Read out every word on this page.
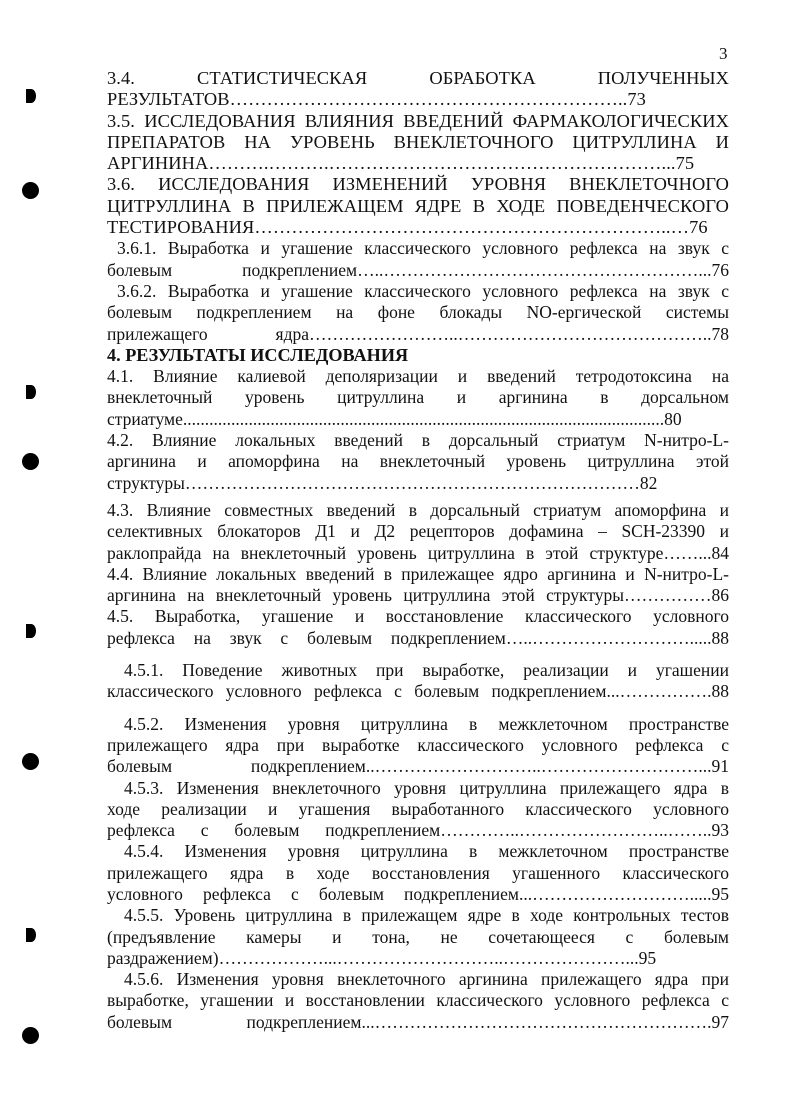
3

3.4. СТАТИСТИЧЕСКАЯ ОБРАБОТКА ПОЛУЧЕННЫХ

РЕЗУЛЬТАТОВ………………………………………………………..73

3.5. ИССЛЕДОВАНИЯ ВЛИЯНИЯ ВВЕДЕНИЙ ФАРМАКОЛОГИЧЕСКИХ

ПРЕПАРАТОВ НА УРОВЕНЬ ВНЕКЛЕТОЧНОГО ЦИТРУЛЛИНА И

АРГИНИНА……….……….………………………………………………...75

3.6. ИССЛЕДОВАНИЯ ИЗМЕНЕНИЙ УРОВНЯ ВНЕКЛЕТОЧНОГО

ЦИТРУЛЛИНА В ПРИЛЕЖАЩЕМ ЯДРЕ В ХОДЕ ПОВЕДЕНЧЕСКОГО

ТЕСТИРОВАНИЯ…………………………………………………………..…76

3.6.1. Выработка и угашение классического условного рефлекса на звук с

болевым подкреплением…..………………………………………………...76

3.6.2. Выработка и угашение классического условного рефлекса на звук с

болевым подкреплением на фоне блокады NO-ергической системы

прилежащего ядра……………………..……………………………………..78

4. РЕЗУЛЬТАТЫ ИССЛЕДОВАНИЯ

4.1. Влияние калиевой деполяризации и введений тетродотоксина на

внеклеточный уровень цитруллина и аргинина в дорсальном

стриатуме..............................................................................................................80

4.2. Влияние локальных введений в дорсальный стриатум N-нитро-L-

аргинина и апоморфина на внеклеточный уровень цитруллина этой

структуры……………………………………………………………………82

4.3. Влияние совместных введений в дорсальный стриатум апоморфина и

селективных блокаторов Д1 и Д2 рецепторов дофамина – SCH-23390 и

раклопрайда на внеклеточный уровень цитруллина в этой структуре……...84

4.4. Влияние локальных введений в прилежащее ядро аргинина и N-нитро-L-

аргинина на внеклеточный уровень цитруллина этой структуры……………86

4.5. Выработка, угашение и восстановление классического условного

рефлекса на звук с болевым подкреплением…..……………………….....88

4.5.1. Поведение животных при выработке, реализации и угашении

классического условного рефлекса с болевым подкреплением...…………….88

4.5.2. Изменения уровня цитруллина в межклеточном пространстве

прилежащего ядра при выработке классического условного рефлекса с

болевым подкреплением..………………………..………………………...91

4.5.3. Изменения внеклеточного уровня цитруллина прилежащего ядра в

ходе реализации и угашения выработанного классического условного

рефлекса с болевым подкреплением…………..……………………..……..93

4.5.4. Изменения уровня цитруллина в межклеточном пространстве

прилежащего ядра в ходе восстановления угашенного классического

условного рефлекса с болевым подкреплением...……………………….....95

4.5.5. Уровень цитруллина в прилежащем ядре в ходе контрольных тестов

(предъявление камеры и тона, не сочетающееся с болевым

раздражением)………………...………………………..…………………...95

4.5.6. Изменения уровня внеклеточного аргинина прилежащего ядра при

выработке, угашении и восстановлении классического условного рефлекса с

болевым подкреплением...………………………………………………….97
